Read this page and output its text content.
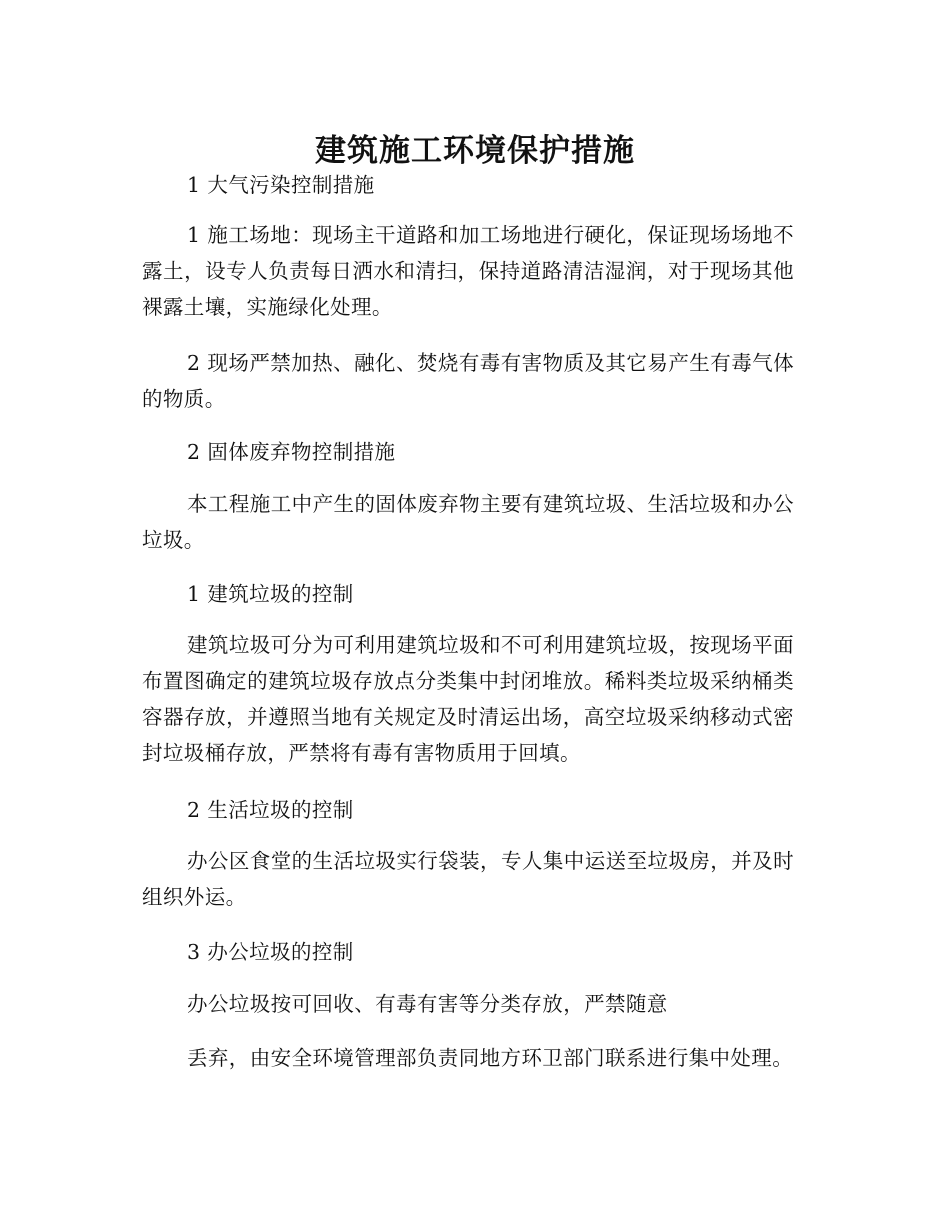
建筑施工环境保护措施

1 大气污染控制措施

1 施工场地：现场主干道路和加工场地进行硬化，保证现场场地不露土，设专人负责每日洒水和清扫，保持道路清洁湿润，对于现场其他裸露土壤，实施绿化处理。

2 现场严禁加热、融化、焚烧有毒有害物质及其它易产生有毒气体的物质。

2 固体废弃物控制措施

本工程施工中产生的固体废弃物主要有建筑垃圾、生活垃圾和办公垃圾。

1 建筑垃圾的控制

建筑垃圾可分为可利用建筑垃圾和不可利用建筑垃圾，按现场平面布置图确定的建筑垃圾存放点分类集中封闭堆放。稀料类垃圾采纳桶类容器存放，并遵照当地有关规定及时清运出场，高空垃圾采纳移动式密封垃圾桶存放，严禁将有毒有害物质用于回填。

2 生活垃圾的控制

办公区食堂的生活垃圾实行袋装，专人集中运送至垃圾房，并及时组织外运。

3 办公垃圾的控制

办公垃圾按可回收、有毒有害等分类存放，严禁随意

丢弃，由安全环境管理部负责同地方环卫部门联系进行集中处理。
